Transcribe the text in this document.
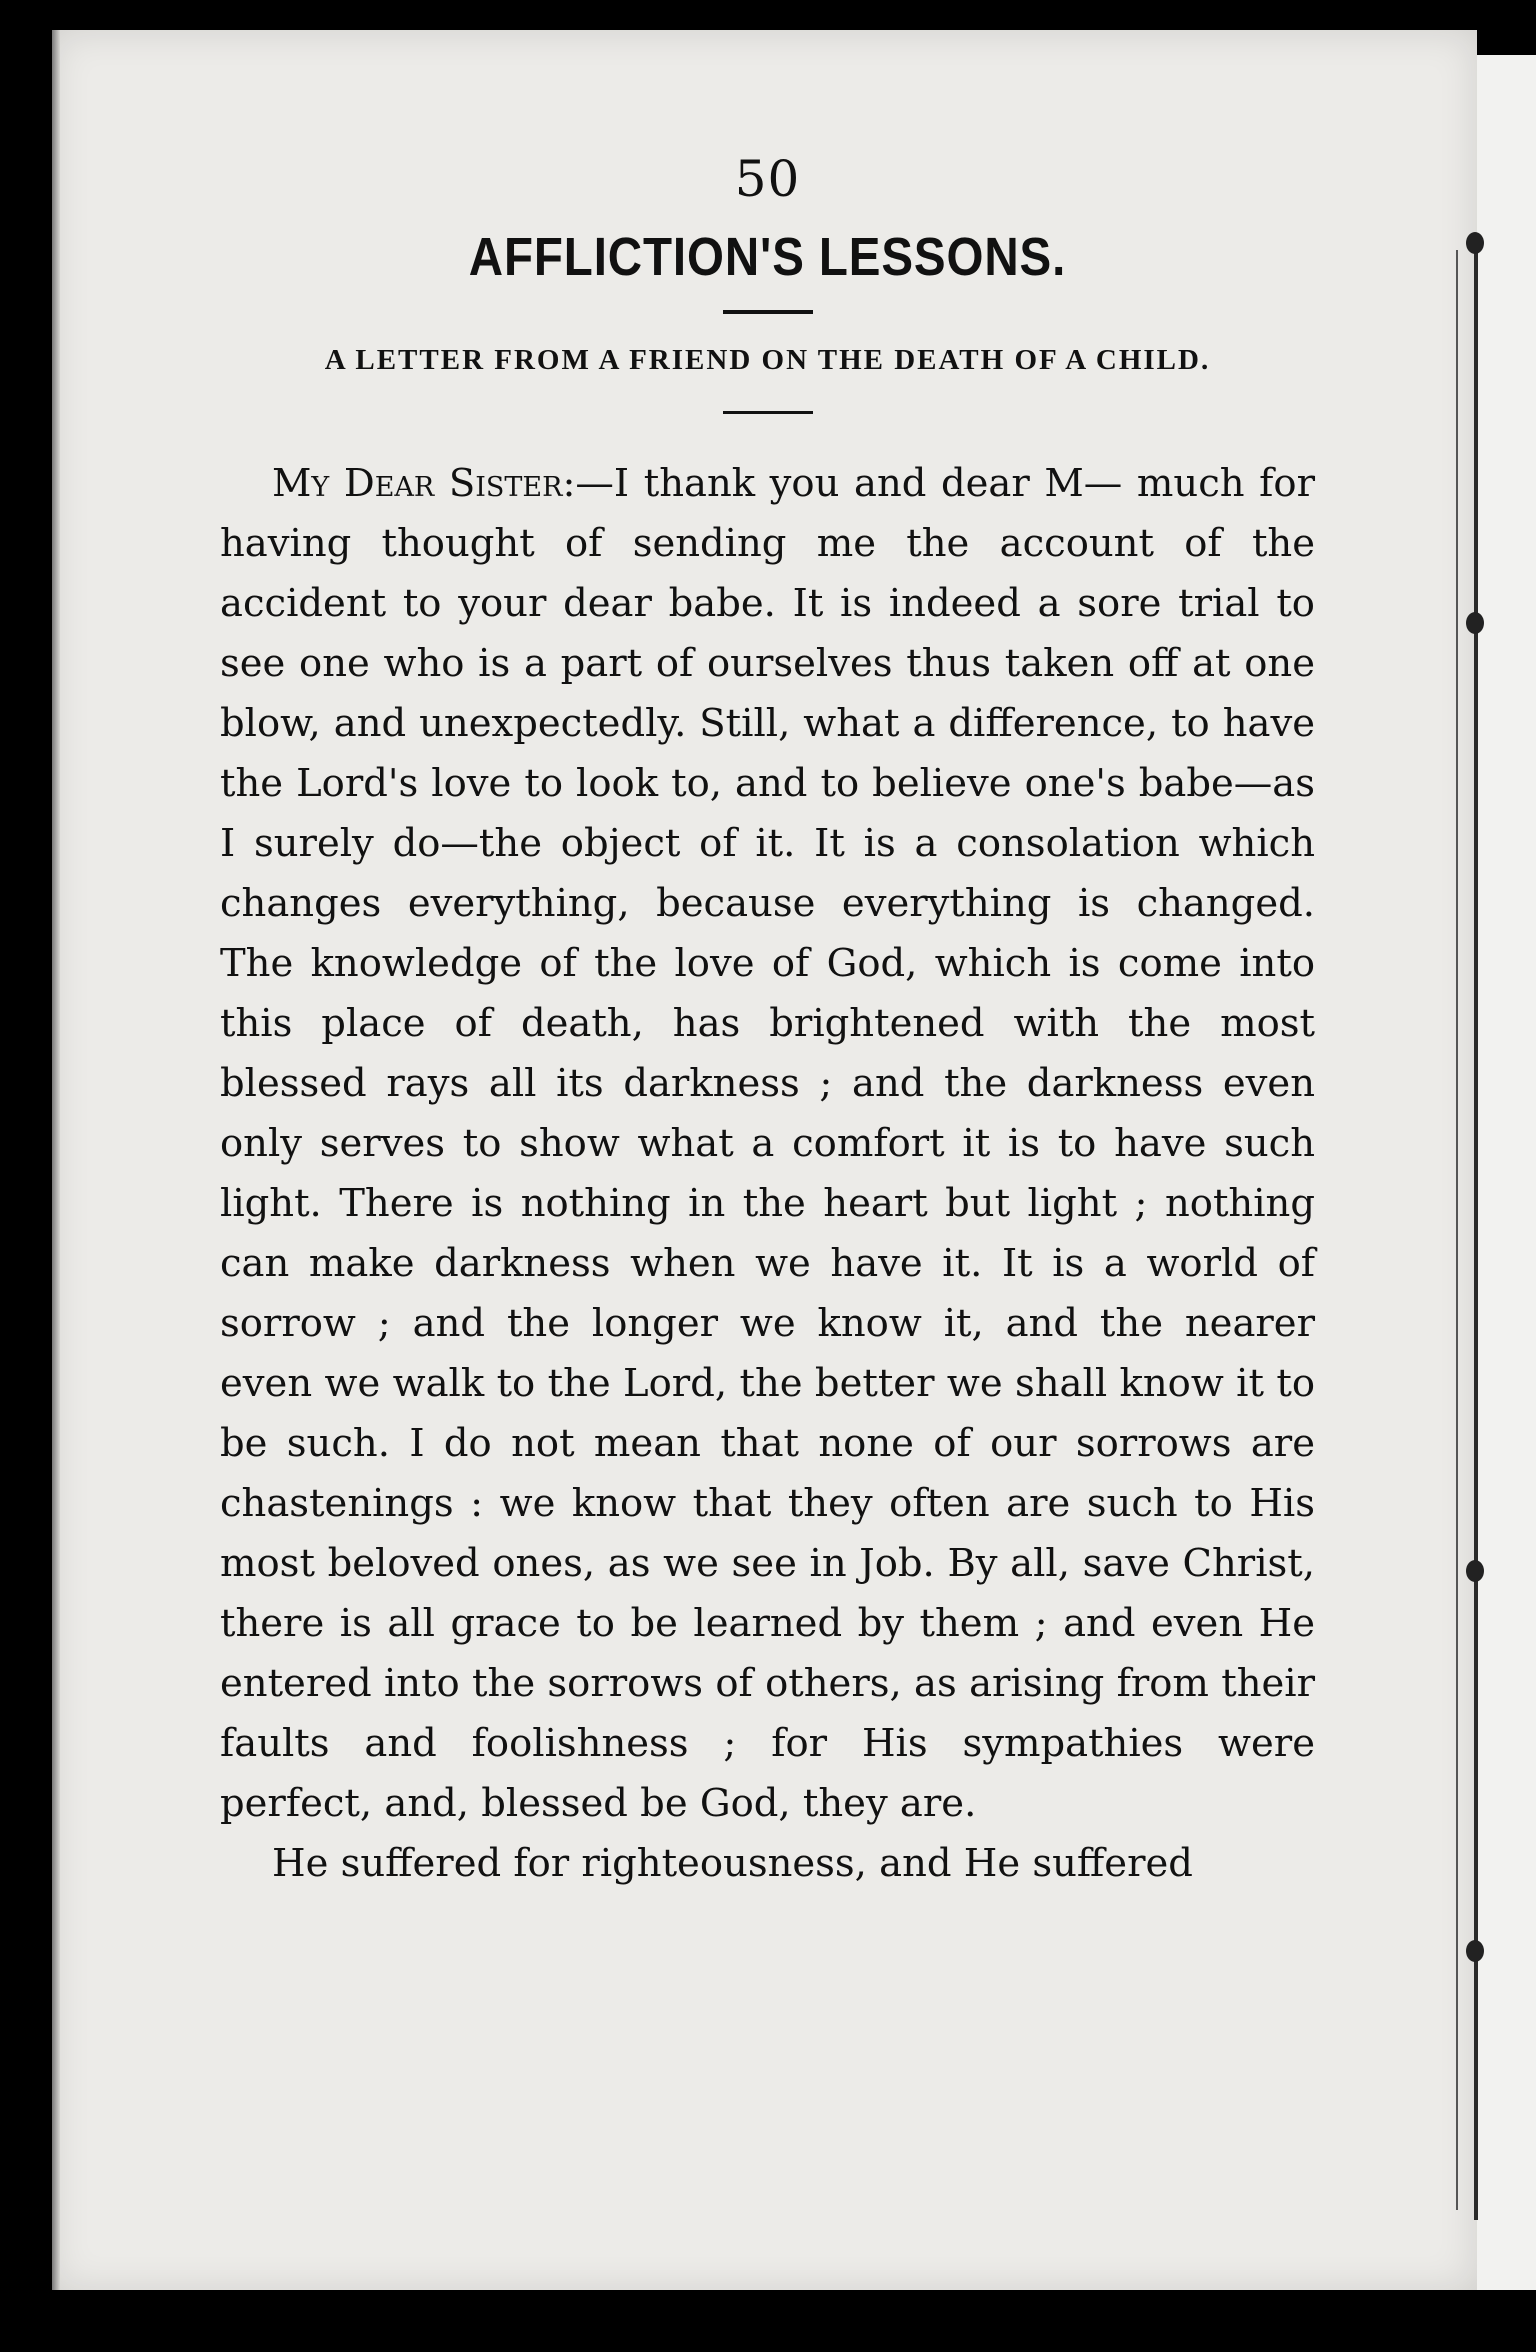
50
AFFLICTION'S LESSONS.
A LETTER FROM A FRIEND ON THE DEATH OF A CHILD.

My Dear Sister:—I thank you and dear M— much for having thought of sending me the account of the accident to your dear babe. It is indeed a sore trial to see one who is a part of ourselves thus taken off at one blow, and unexpectedly. Still, what a difference, to have the Lord's love to look to, and to believe one's babe—as I surely do—the object of it. It is a consolation which changes everything, because everything is changed. The knowledge of the love of God, which is come into this place of death, has brightened with the most blessed rays all its darkness ; and the darkness even only serves to show what a comfort it is to have such light. There is nothing in the heart but light ; nothing can make darkness when we have it. It is a world of sorrow ; and the longer we know it, and the nearer even we walk to the Lord, the better we shall know it to be such. I do not mean that none of our sorrows are chastenings : we know that they often are such to His most beloved ones, as we see in Job. By all, save Christ, there is all grace to be learned by them ; and even He entered into the sorrows of others, as arising from their faults and foolishness ; for His sympathies were perfect, and, blessed be God, they are.

He suffered for righteousness, and He suffered
